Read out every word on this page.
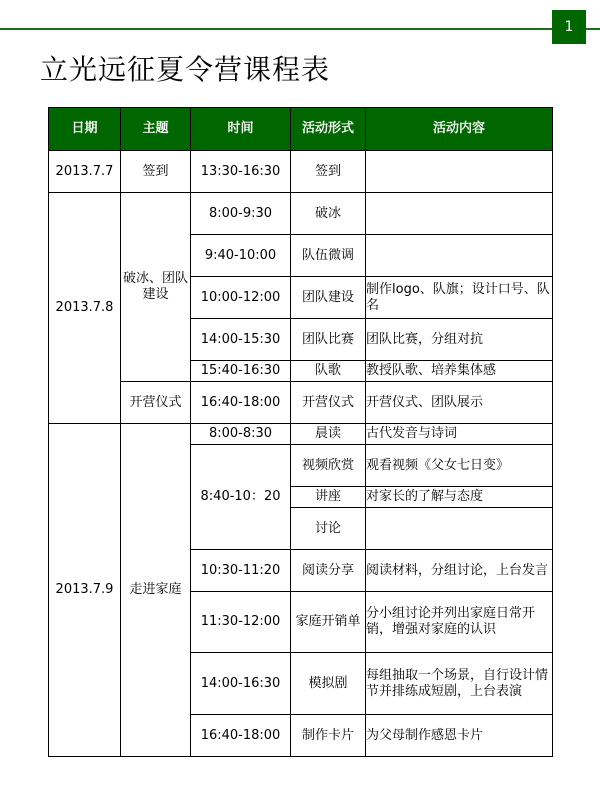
1
立光远征夏令营课程表
日期	主题	时间	活动形式	活动内容
2013.7.7	签到	13:30-16:30	签到	
2013.7.8	破冰、团队建设	8:00-9:30	破冰	
		9:40-10:00	队伍微调	
		10:00-12:00	团队建设	制作logo、队旗；设计口号、队名
		14:00-15:30	团队比赛	团队比赛，分组对抗
		15:40-16:30	队歌	教授队歌、培养集体感
	开营仪式	16:40-18:00	开营仪式	开营仪式、团队展示
2013.7.9	走进家庭	8:00-8:30	晨读	古代发音与诗词
		8:40-10：20	视频欣赏	观看视频《父女七日变》
			讲座	对家长的了解与态度
			讨论	
		10:30-11:20	阅读分享	阅读材料，分组讨论，上台发言
		11:30-12:00	家庭开销单	分小组讨论并列出家庭日常开销，增强对家庭的认识
		14:00-16:30	模拟剧	每组抽取一个场景，自行设计情节并排练成短剧，上台表演
		16:40-18:00	制作卡片	为父母制作感恩卡片
